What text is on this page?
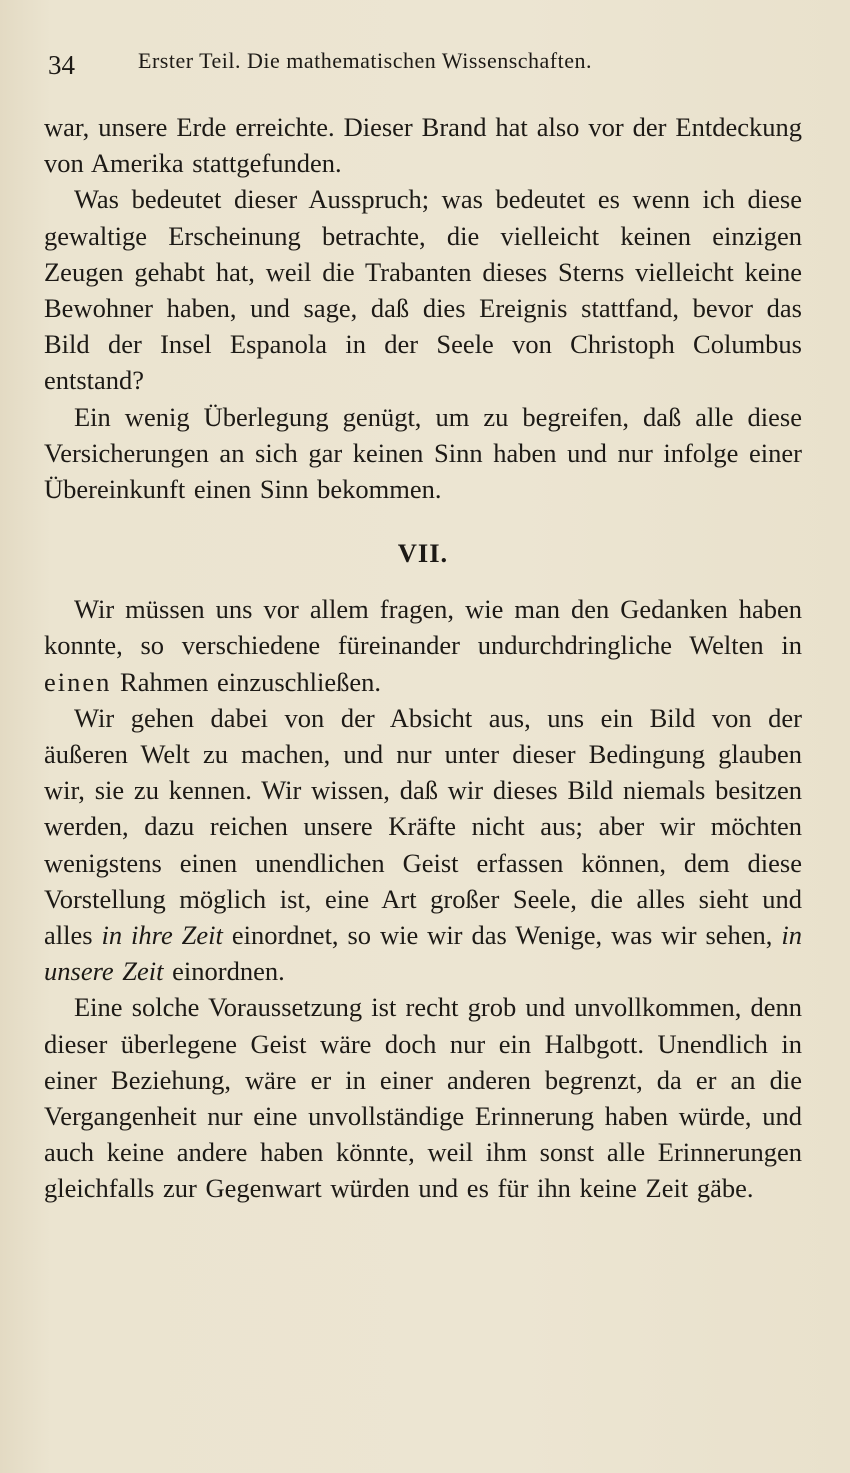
34	Erster Teil. Die mathematischen Wissenschaften.

war, unsere Erde erreichte. Dieser Brand hat also vor der Entdeckung von Amerika stattgefunden.

Was bedeutet dieser Ausspruch; was bedeutet es wenn ich diese gewaltige Erscheinung betrachte, die vielleicht keinen einzigen Zeugen gehabt hat, weil die Trabanten dieses Sterns vielleicht keine Bewohner haben, und sage, daß dies Ereignis stattfand, bevor das Bild der Insel Espanola in der Seele von Christoph Columbus entstand?

Ein wenig Überlegung genügt, um zu begreifen, daß alle diese Versicherungen an sich gar keinen Sinn haben und nur infolge einer Übereinkunft einen Sinn bekommen.

VII.

Wir müssen uns vor allem fragen, wie man den Gedanken haben konnte, so verschiedene füreinander undurchdringliche Welten in einen Rahmen einzuschließen.

Wir gehen dabei von der Absicht aus, uns ein Bild von der äußeren Welt zu machen, und nur unter dieser Bedingung glauben wir, sie zu kennen. Wir wissen, daß wir dieses Bild niemals besitzen werden, dazu reichen unsere Kräfte nicht aus; aber wir möchten wenigstens einen unendlichen Geist erfassen können, dem diese Vorstellung möglich ist, eine Art großer Seele, die alles sieht und alles in ihre Zeit einordnet, so wie wir das Wenige, was wir sehen, in unsere Zeit einordnen.

Eine solche Voraussetzung ist recht grob und unvollkommen, denn dieser überlegene Geist wäre doch nur ein Halbgott. Unendlich in einer Beziehung, wäre er in einer anderen begrenzt, da er an die Vergangenheit nur eine unvollständige Erinnerung haben würde, und auch keine andere haben könnte, weil ihm sonst alle Erinnerungen gleichfalls zur Gegenwart würden und es für ihn keine Zeit gäbe.
